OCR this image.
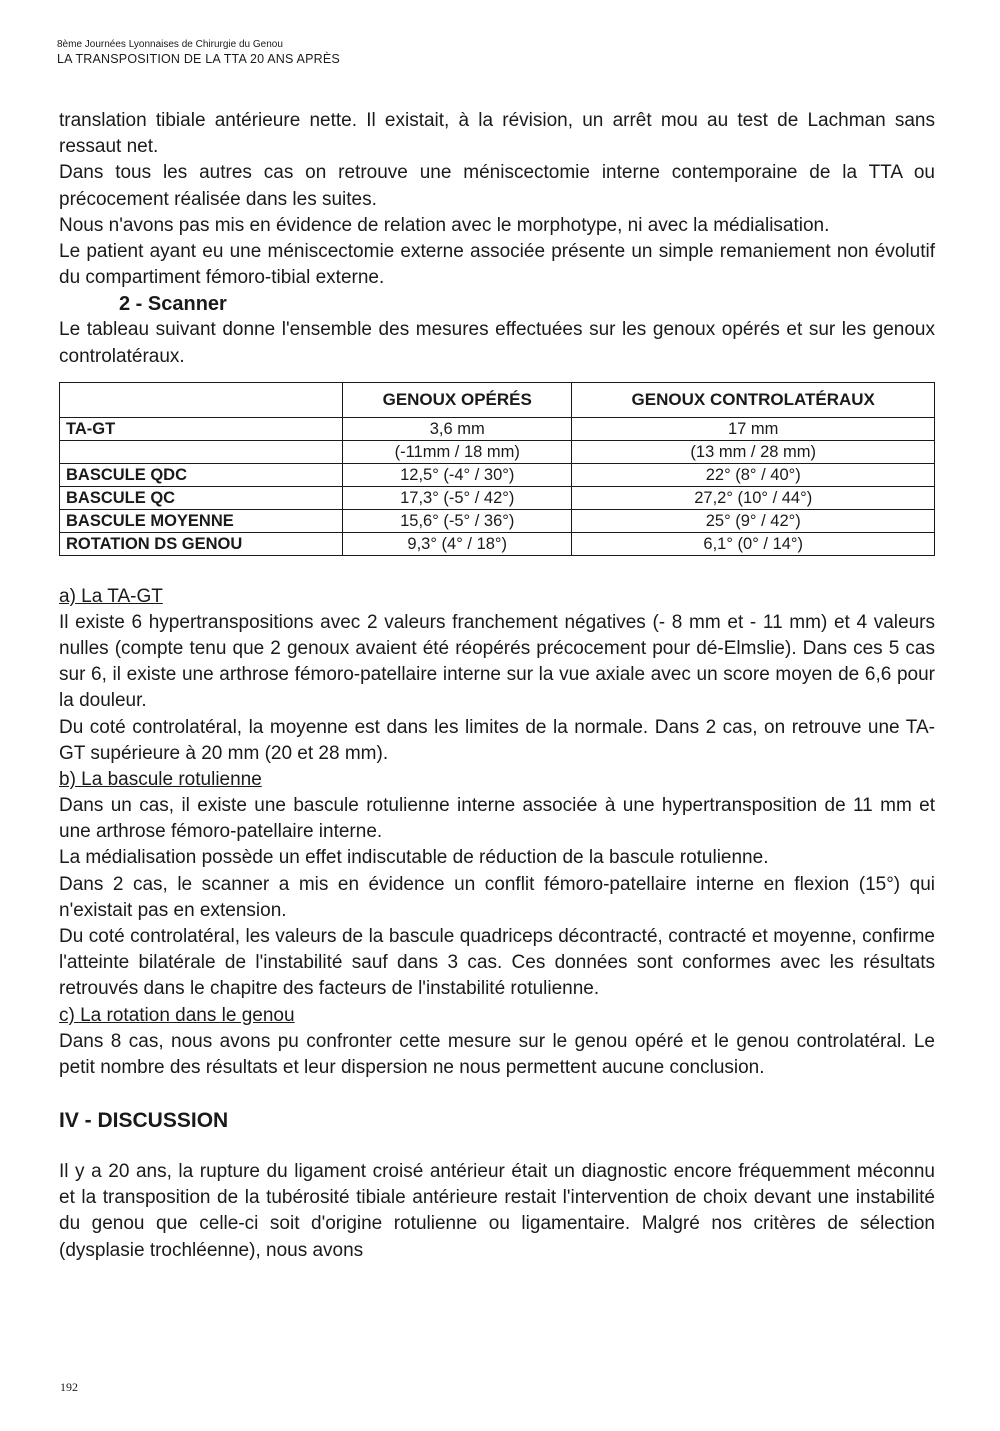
8ème Journées Lyonnaises de Chirurgie du Genou
LA TRANSPOSITION DE LA TTA 20 ANS APRÈS

translation tibiale antérieure nette. Il existait, à la révision, un arrêt mou au test de Lachman sans ressaut net.

Dans tous les autres cas on retrouve une méniscectomie interne contemporaine de la TTA ou précocement réalisée dans les suites.

Nous n'avons pas mis en évidence de relation avec le morphotype, ni avec la médialisation.

Le patient ayant eu une méniscectomie externe associée présente un simple remaniement non évolutif du compartiment fémoro-tibial externe.

2 - Scanner

Le tableau suivant donne l'ensemble des mesures effectuées sur les genoux opérés et sur les genoux controlatéraux.

	GENOUX OPÉRÉS	GENOUX CONTROLATÉRAUX
TA-GT	3,6 mm	17 mm
	(-11mm / 18 mm)	(13 mm / 28 mm)
BASCULE QDC	12,5° (-4° / 30°)	22° (8° / 40°)
BASCULE QC	17,3° (-5° / 42°)	27,2° (10° / 44°)
BASCULE MOYENNE	15,6° (-5° / 36°)	25° (9° / 42°)
ROTATION DS GENOU	9,3° (4° / 18°)	6,1° (0° / 14°)
a) La TA-GT

Il existe 6 hypertranspositions avec 2 valeurs franchement négatives (- 8 mm et - 11 mm) et 4 valeurs nulles (compte tenu que 2 genoux avaient été réopérés précocement pour dé-Elmslie). Dans ces 5 cas sur 6, il existe une arthrose fémoro-patellaire interne sur la vue axiale avec un score moyen de 6,6 pour la douleur.

Du coté controlatéral, la moyenne est dans les limites de la normale. Dans 2 cas, on retrouve une TA-GT supérieure à 20 mm (20 et 28 mm).

b) La bascule rotulienne

Dans un cas, il existe une bascule rotulienne interne associée à une hypertransposition de 11 mm et une arthrose fémoro-patellaire interne.

La médialisation possède un effet indiscutable de réduction de la bascule rotulienne.

Dans 2 cas, le scanner a mis en évidence un conflit fémoro-patellaire interne en flexion (15°) qui n'existait pas en extension.

Du coté controlatéral, les valeurs de la bascule quadriceps décontracté, contracté et moyenne, confirme l'atteinte bilatérale de l'instabilité sauf dans 3 cas. Ces données sont conformes avec les résultats retrouvés dans le chapitre des facteurs de l'instabilité rotulienne.

c) La rotation dans le genou

Dans 8 cas, nous avons pu confronter cette mesure sur le genou opéré et le genou controlatéral. Le petit nombre des résultats et leur dispersion ne nous permettent aucune conclusion.

IV - DISCUSSION

Il y a 20 ans, la rupture du ligament croisé antérieur était un diagnostic encore fréquemment méconnu et la transposition de la tubérosité tibiale antérieure restait l'intervention de choix devant une instabilité du genou que celle-ci soit d'origine rotulienne ou ligamentaire. Malgré nos critères de sélection (dysplasie trochléenne), nous avons

192
